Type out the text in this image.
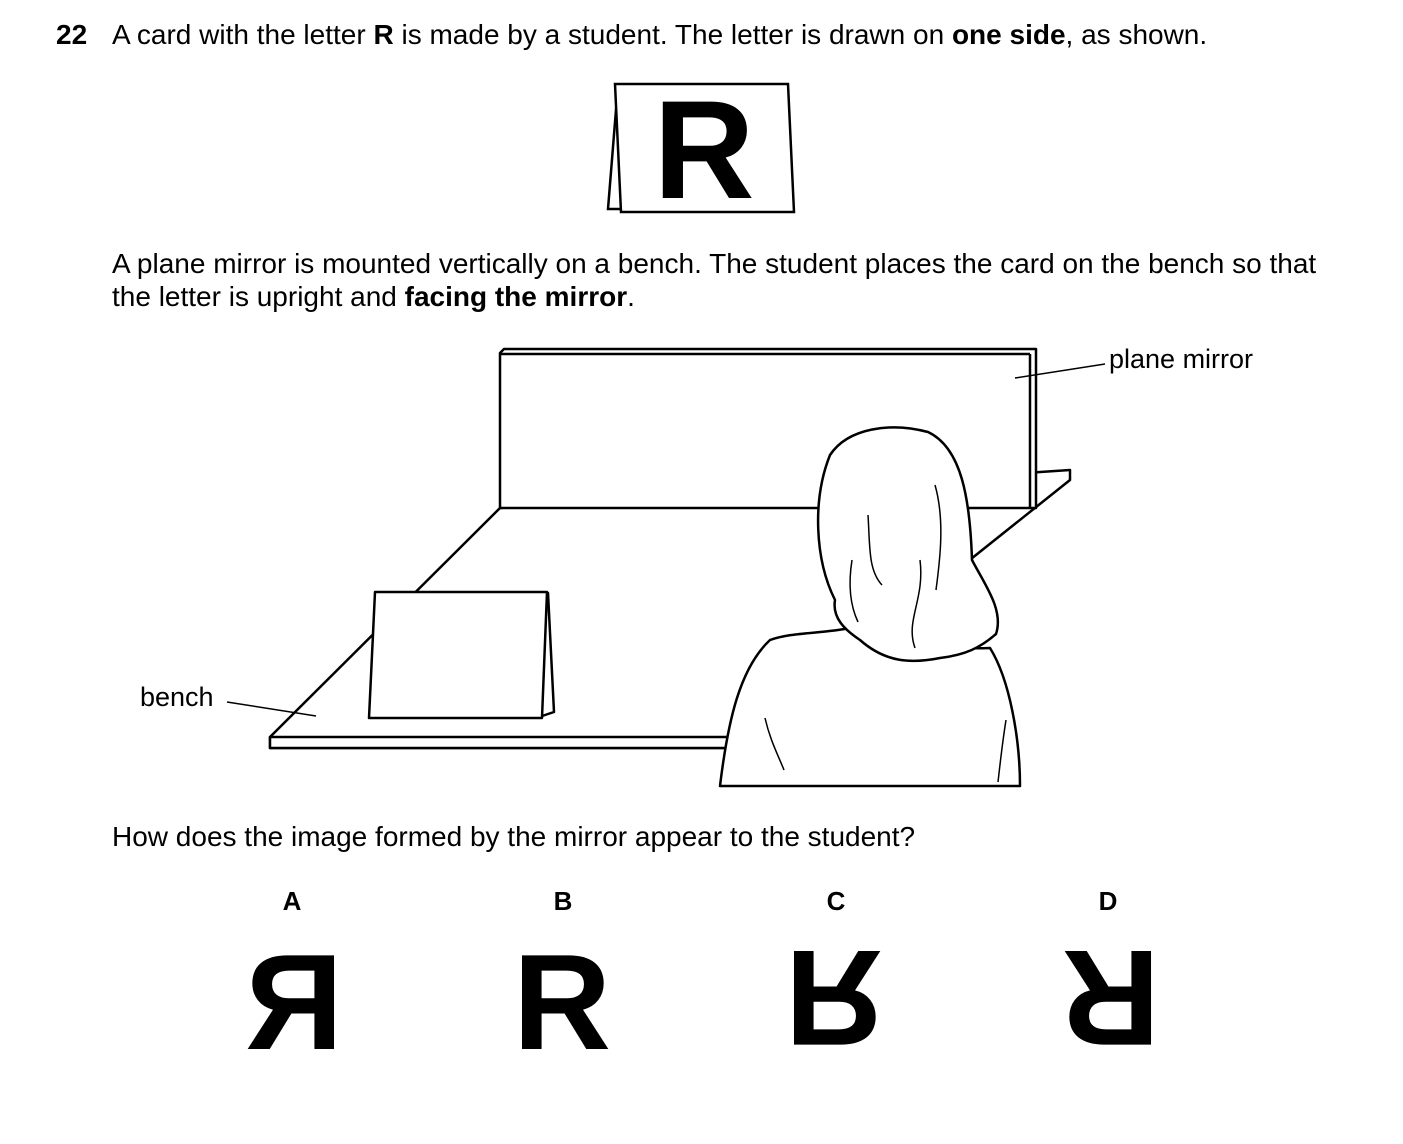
22 A card with the letter R is made by a student. The letter is drawn on one side, as shown.
R
A plane mirror is mounted vertically on a bench. The student places the card on the bench so that
the letter is upright and facing the mirror.
plane mirror
bench
How does the image formed by the mirror appear to the student?
A	B	C	D
R R R R
